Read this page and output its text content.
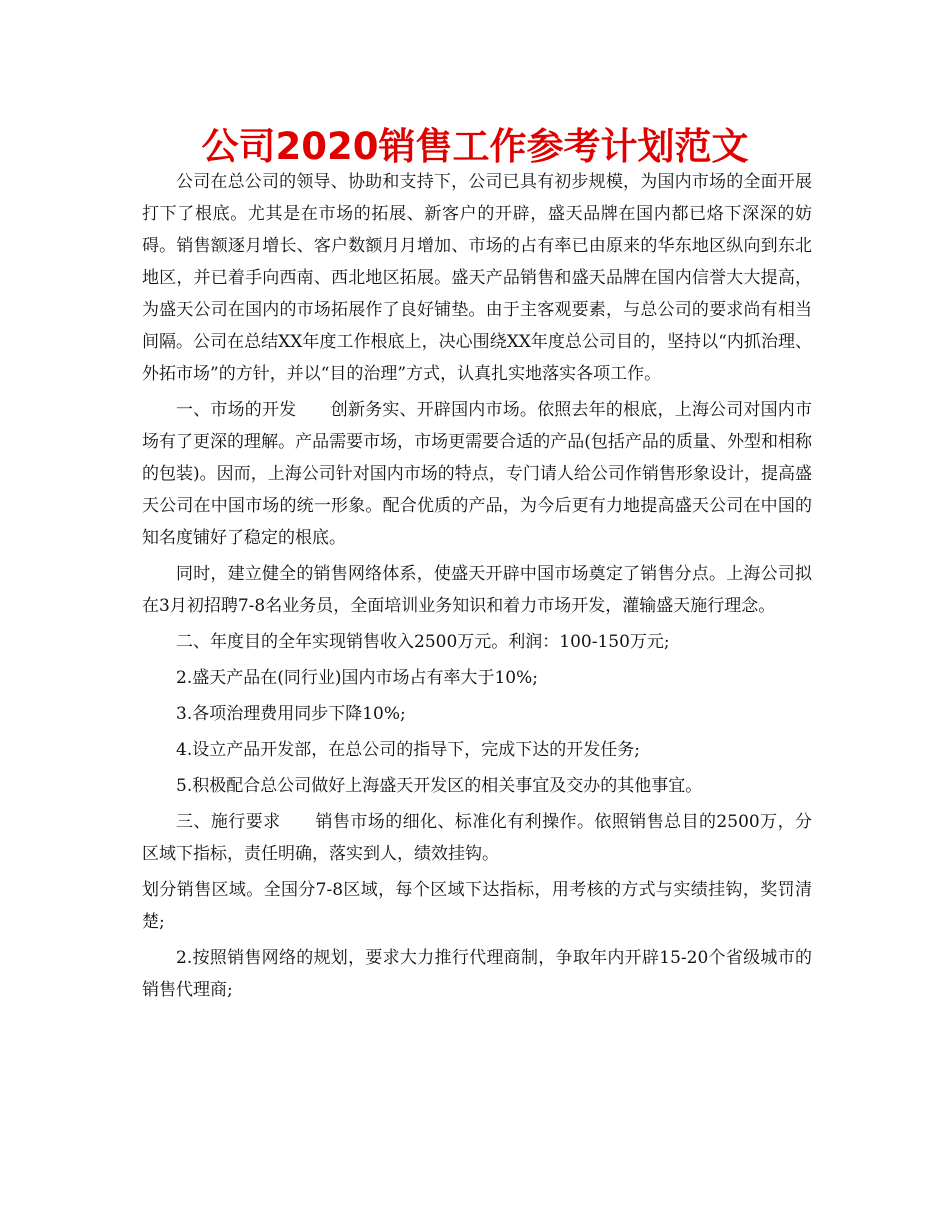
公司2020销售工作参考计划范文

公司在总公司的领导、协助和支持下，公司已具有初步规模，为国内市场的全面开展打下了根底。尤其是在市场的拓展、新客户的开辟，盛天品牌在国内都已烙下深深的妨碍。销售额逐月增长、客户数额月月增加、市场的占有率已由原来的华东地区纵向到东北地区，并已着手向西南、西北地区拓展。盛天产品销售和盛天品牌在国内信誉大大提高，为盛天公司在国内的市场拓展作了良好铺垫。由于主客观要素，与总公司的要求尚有相当间隔。公司在总结XX年度工作根底上，决心围绕XX年度总公司目的，坚持以“内抓治理、外拓市场”的方针，并以“目的治理”方式，认真扎实地落实各项工作。

一、市场的开发　　创新务实、开辟国内市场。依照去年的根底，上海公司对国内市场有了更深的理解。产品需要市场，市场更需要合适的产品(包括产品的质量、外型和相称的包装)。因而，上海公司针对国内市场的特点，专门请人给公司作销售形象设计，提高盛天公司在中国市场的统一形象。配合优质的产品，为今后更有力地提高盛天公司在中国的知名度铺好了稳定的根底。

同时，建立健全的销售网络体系，使盛天开辟中国市场奠定了销售分点。上海公司拟在3月初招聘7-8名业务员，全面培训业务知识和着力市场开发，灌输盛天施行理念。

二、年度目的全年实现销售收入2500万元。利润：100-150万元;

2.盛天产品在(同行业)国内市场占有率大于10%;

3.各项治理费用同步下降10%;

4.设立产品开发部，在总公司的指导下，完成下达的开发任务;

5.积极配合总公司做好上海盛天开发区的相关事宜及交办的其他事宜。

三、施行要求　　销售市场的细化、标准化有利操作。依照销售总目的2500万，分区域下指标，责任明确，落实到人，绩效挂钩。

划分销售区域。全国分7-8区域，每个区域下达指标，用考核的方式与实绩挂钩，奖罚清楚;

2.按照销售网络的规划，要求大力推行代理商制，争取年内开辟15-20个省级城市的销售代理商;
